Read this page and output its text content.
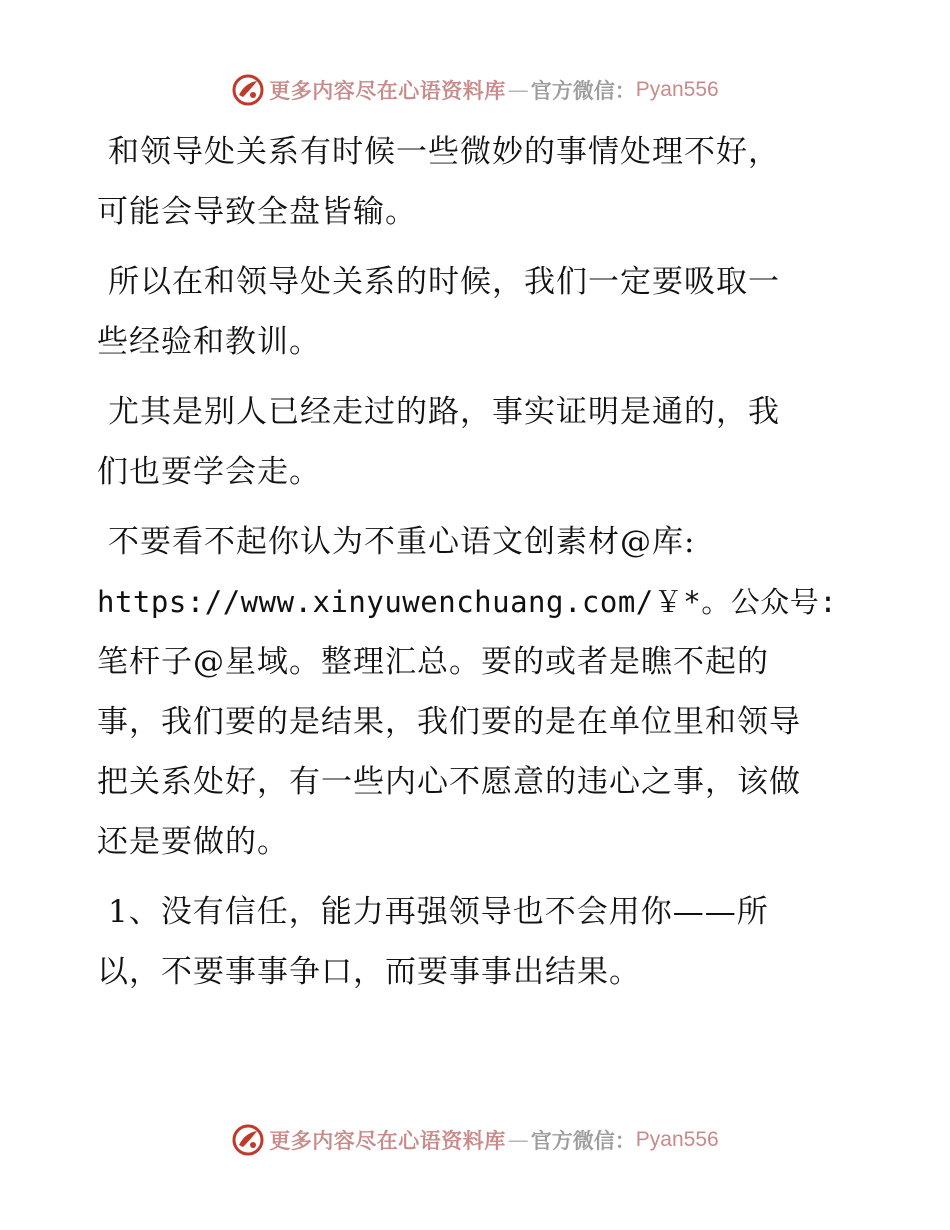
更多内容尽在心语资料库 — 官方微信： Pyan556

和领导处关系有时候一些微妙的事情处理不好，
可能会导致全盘皆输。

所以在和领导处关系的时候，我们一定要吸取一
些经验和教训。

尤其是别人已经走过的路，事实证明是通的，我
们也要学会走。

不要看不起你认为不重心语文创素材@库:
https://www.xinyuwenchuang.com/￥*。公众号:
笔杆子@星域。整理汇总。要的或者是瞧不起的
事，我们要的是结果，我们要的是在单位里和领导
把关系处好，有一些内心不愿意的违心之事，该做
还是要做的。

1、没有信任，能力再强领导也不会用你——所
以，不要事事争口，而要事事出结果。

更多内容尽在心语资料库 — 官方微信： Pyan556
